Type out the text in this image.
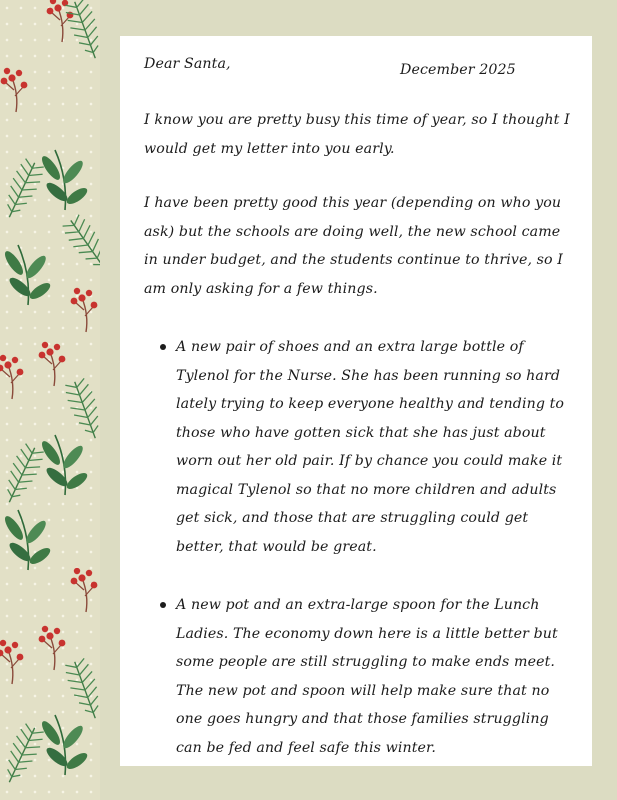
Dear Santa,	December 2025

I know you are pretty busy this time of year, so I thought I would get my letter into you early.

I have been pretty good this year (depending on who you ask) but the schools are doing well, the new school came in under budget, and the students continue to thrive, so I am only asking for a few things.

A new pair of shoes and an extra large bottle of Tylenol for the Nurse. She has been running so hard lately trying to keep everyone healthy and tending to those who have gotten sick that she has just about worn out her old pair. If by chance you could make it magical Tylenol so that no more children and adults get sick, and those that are struggling could get better, that would be great.
A new pot and an extra-large spoon for the Lunch Ladies. The economy down here is a little better but some people are still struggling to make ends meet. The new pot and spoon will help make sure that no one goes hungry and that those families struggling can be fed and feel safe this winter.
